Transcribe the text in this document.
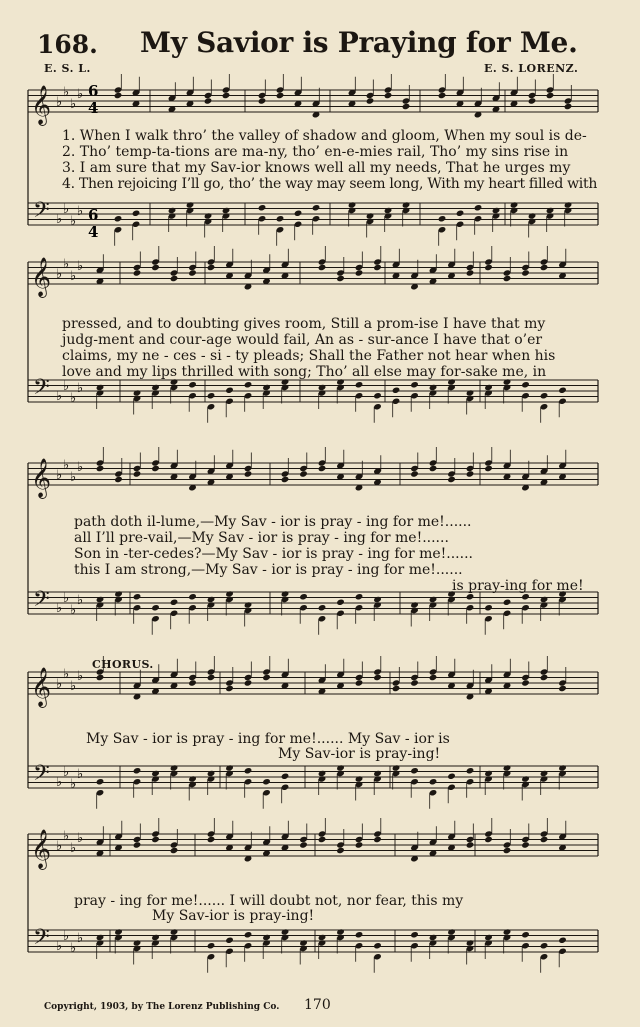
168. My Savior is Praying for Me.
E. S. L.	E. S. LORENZ.
6
4
6
4
𝄞 ♭
♭
♭
♭
𝄢 ♭
♭
♭
♭
𝄞 ♭
♭
♭
♭
𝄢 ♭
♭
♭
♭
𝄞 ♭
♭
♭
♭
𝄢 ♭
♭
♭
♭
𝄞 ♭
♭
♭
♭
𝄢 ♭
♭
♭
♭
𝄞 ♭
♭
♭
♭
𝄢 ♭
♭
♭
♭
1. When I walk thro’ the valley of shadow and gloom, When my soul is de-
2. Tho’ temp-ta-tions are ma-ny, tho’ en-e-mies rail, Tho’ my sins rise in
3. I am sure that my Sav-ior knows well all my needs, That he urges my
4. Then rejoicing I’ll go, tho’ the way may seem long, With my heart filled with
pressed, and to doubting gives room, Still a prom-ise I have that my
judg-ment and cour-age would fail, An as - sur-ance I have that o’er
claims, my ne - ces - si - ty pleads; Shall the Father not hear when his
love and my lips thrilled with song; Tho’ all else may for-sake me, in
path doth il-lume,—My Sav - ior is pray - ing for me!......
all I’ll pre-vail,—My Sav - ior is pray - ing for me!......
Son in -ter-cedes?—My Sav - ior is pray - ing for me!......
this I am strong,—My Sav - ior is pray - ing for me!......
is pray-ing for me!
CHORUS.
My Sav - ior is pray - ing for me!...... My Sav - ior is
My Sav-ior is pray-ing!
pray - ing for me!...... I will doubt not, nor fear, this my
My Sav-ior is pray-ing!
Copyright, 1903, by The Lorenz Publishing Co. 170
